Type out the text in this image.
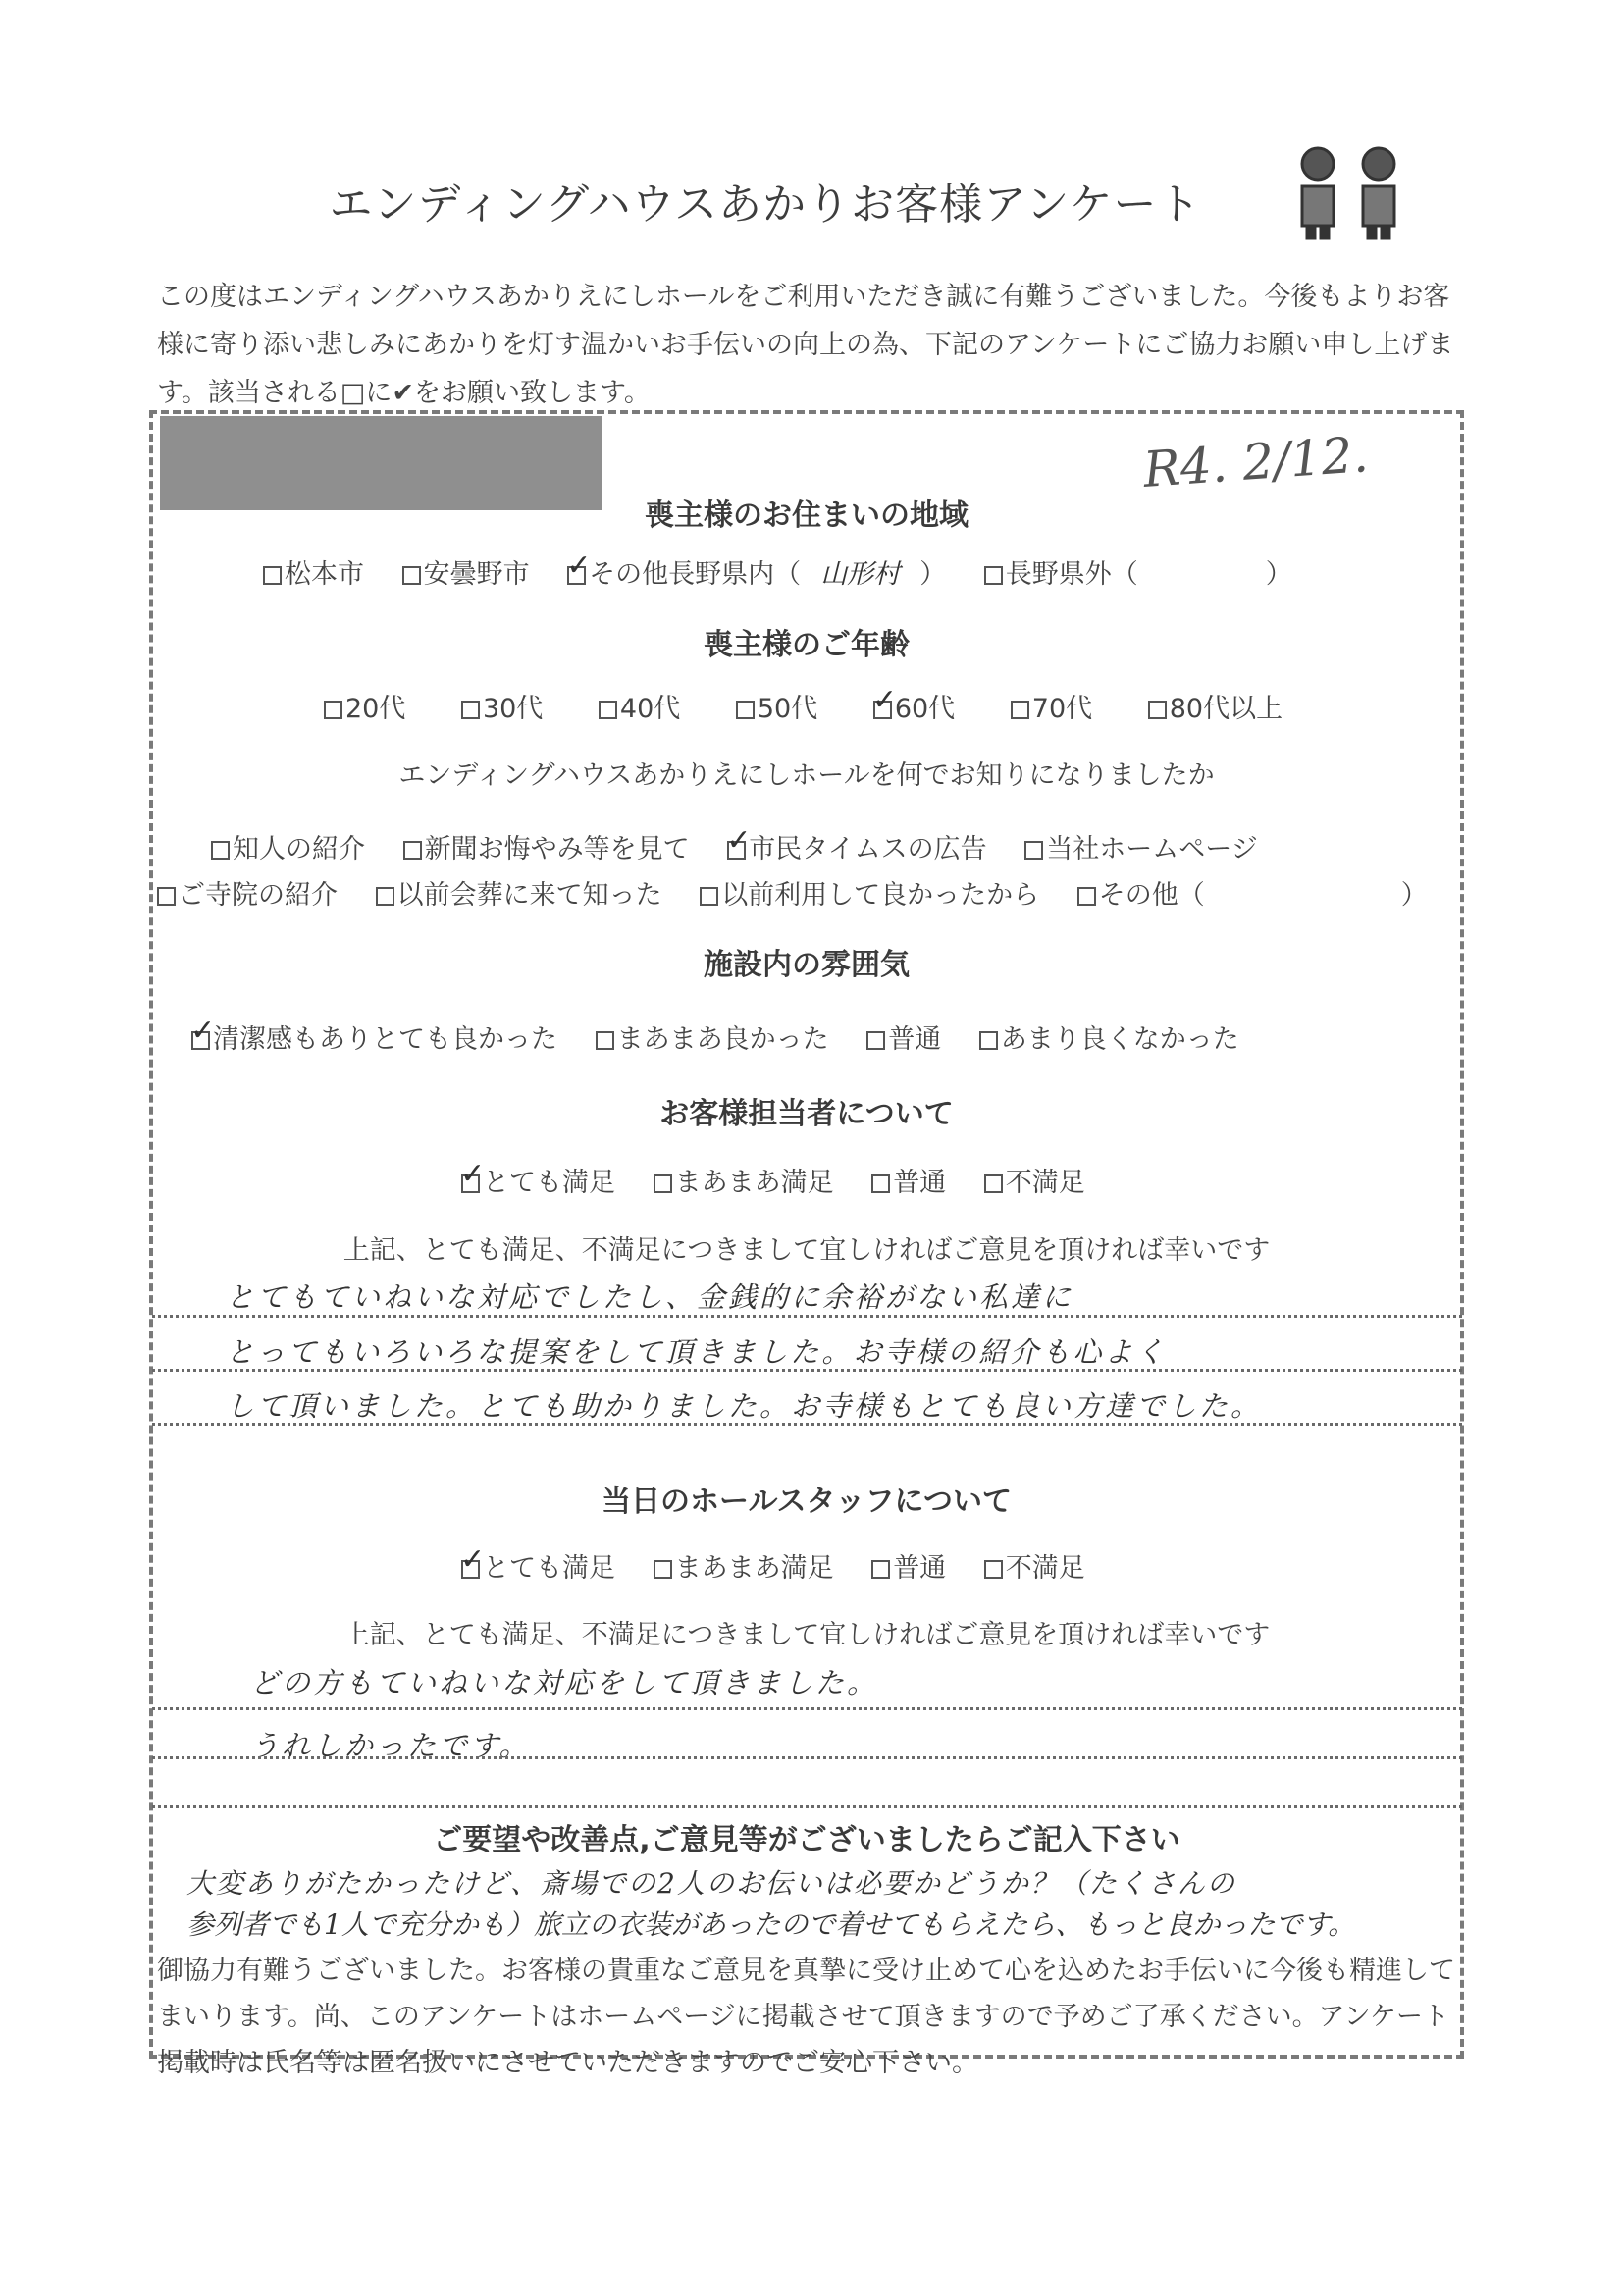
エンディングハウスあかりお客様アンケート
この度はエンディングハウスあかりえにしホールをご利用いただき誠に有難うございました。今後もよりお客様に寄り添い悲しみにあかりを灯す温かいお手伝いの向上の為、下記のアンケートにご協力お願い申し上げます。該当される□に✔をお願い致します。
R4. 2/12.
喪主様のお住まいの地域
松本市 安曇野市 ✓ その他長野県内（ 山形村 ） 長野県外（	）
喪主様のご年齢
20代	30代	40代	50代 ✓	60代	70代	80代以上
エンディングハウスあかりえにしホールを何でお知りになりましたか
知人の紹介 新聞お悔やみ等を見て ✓ 市民タイムスの広告 当社ホームページ
ご寺院の紹介 以前会葬に来て知った 以前利用して良かったから その他（	）
施設内の雰囲気
✓清潔感もありとても良かった まあまあ良かった 普通 あまり良くなかった
お客様担当者について
✓とても満足 まあまあ満足 普通 不満足
上記、とても満足、不満足につきまして宜しければご意見を頂ければ幸いです
とてもていねいな対応でしたし、金銭的に余裕がない私達に
とってもいろいろな提案をして頂きました。お寺様の紹介も心よく
して頂いました。とても助かりました。お寺様もとても良い方達でした。
当日のホールスタッフについて
✓とても満足 まあまあ満足 普通 不満足
上記、とても満足、不満足につきまして宜しければご意見を頂ければ幸いです
どの方もていねいな対応をして頂きました。
うれしかったです。
ご要望や改善点,ご意見等がございましたらご記入下さい
大変ありがたかったけど、斎場での2人のお伝いは必要かどうか？（たくさんの
参列者でも1人で充分かも）旅立の衣装があったので着せてもらえたら、もっと良かったです。
御協力有難うございました。お客様の貴重なご意見を真摯に受け止めて心を込めたお手伝いに今後も精進してまいります。尚、このアンケートはホームページに掲載させて頂きますので予めご了承ください。アンケート掲載時は氏名等は匿名扱いにさせていただきますのでご安心下さい。
